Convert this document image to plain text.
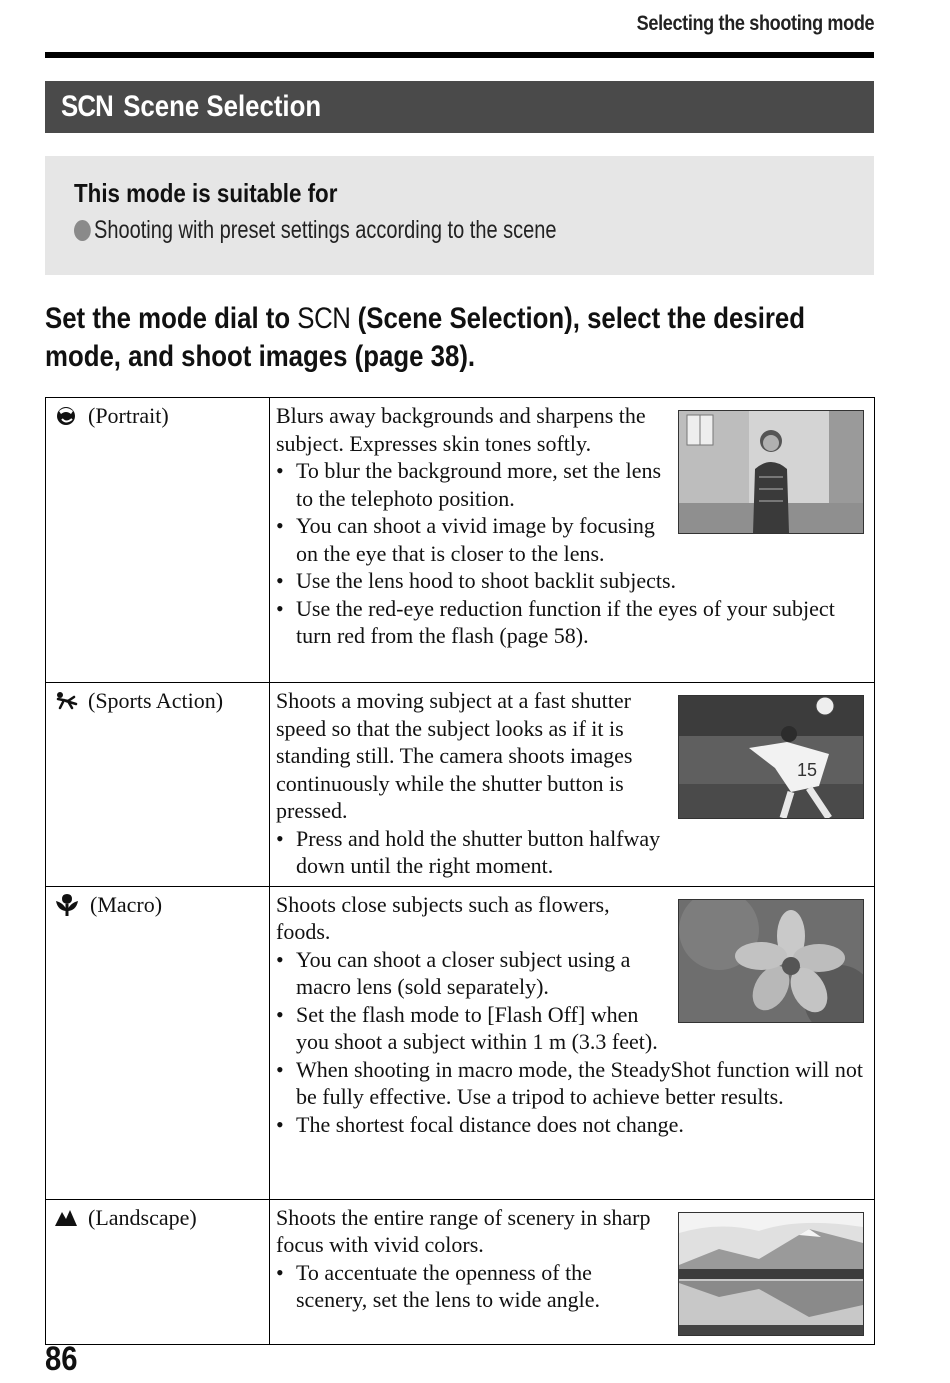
Selecting the shooting mode
SCN Scene Selection
This mode is suitable for
Shooting with preset settings according to the scene
Set the mode dial to SCN (Scene Selection), select the desired mode, and shoot images (page 38).
(Portrait)	Blurs away backgrounds and sharpens the subject. Expresses skin tones softly.
• To blur the background more, set the lens to the telephoto position.
• You can shoot a vivid image by focusing on the eye that is closer to the lens.
• Use the lens hood to shoot backlit subjects.
• Use the red-eye reduction function if the eyes of your subject turn red from the flash (page 58).

(Sports Action)	15
Shoots a moving subject at a fast shutter speed so that the subject looks as if it is standing still. The camera shoots images continuously while the shutter button is pressed.
• Press and hold the shutter button halfway down until the right moment.

(Macro)	Shoots close subjects such as flowers, foods.
• You can shoot a closer subject using a macro lens (sold separately).
• Set the flash mode to [Flash Off] when you shoot a subject within 1 m (3.3 feet).
• When shooting in macro mode, the SteadyShot function will not be fully effective. Use a tripod to achieve better results.
• The shortest focal distance does not change.

(Landscape)	Shoots the entire range of scenery in sharp focus with vivid colors.
• To accentuate the openness of the scenery, set the lens to wide angle.
86
